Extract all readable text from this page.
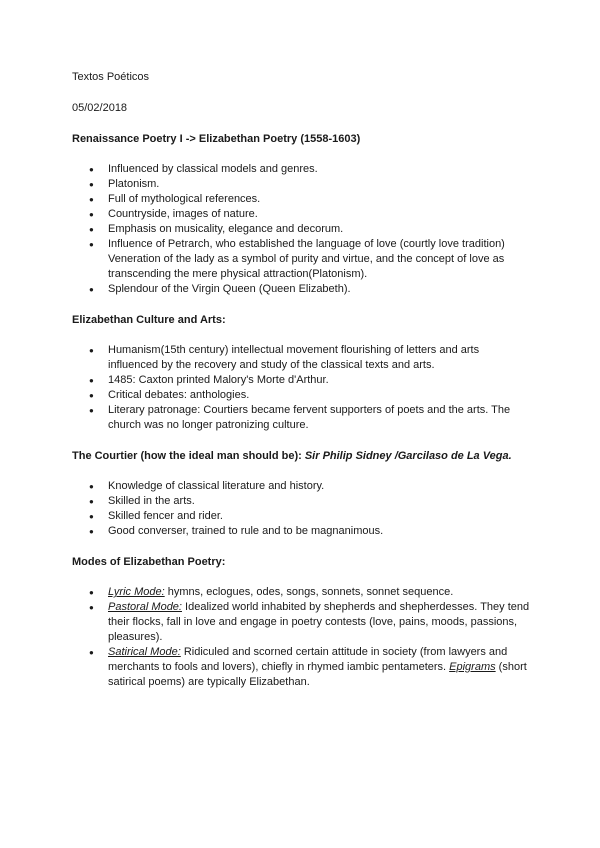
Textos Poéticos

05/02/2018

Renaissance Poetry I -> Elizabethan Poetry (1558-1603)

● Influenced by classical models and genres.
● Platonism.
● Full of mythological references.
● Countryside, images of nature.
● Emphasis on musicality, elegance and decorum.
● Influence of Petrarch, who established the language of love (courtly love tradition) Veneration of the lady as a symbol of purity and virtue, and the concept of love as transcending the mere physical attraction(Platonism).
● Splendour of the Virgin Queen (Queen Elizabeth).

Elizabethan Culture and Arts:

● Humanism(15th century) intellectual movement flourishing of letters and arts influenced by the recovery and study of the classical texts and arts.
● 1485: Caxton printed Malory's Morte d'Arthur.
● Critical debates: anthologies.
● Literary patronage: Courtiers became fervent supporters of poets and the arts. The church was no longer patronizing culture.

The Courtier (how the ideal man should be): Sir Philip Sidney /Garcilaso de La Vega.

● Knowledge of classical literature and history.
● Skilled in the arts.
● Skilled fencer and rider.
● Good converser, trained to rule and to be magnanimous.

Modes of Elizabethan Poetry:

● Lyric Mode: hymns, eclogues, odes, songs, sonnets, sonnet sequence.
● Pastoral Mode: Idealized world inhabited by shepherds and shepherdesses. They tend their flocks, fall in love and engage in poetry contests (love, pains, moods, passions, pleasures).
● Satirical Mode: Ridiculed and scorned certain attitude in society (from lawyers and merchants to fools and lovers), chiefly in rhymed iambic pentameters. Epigrams (short satirical poems) are typically Elizabethan.
